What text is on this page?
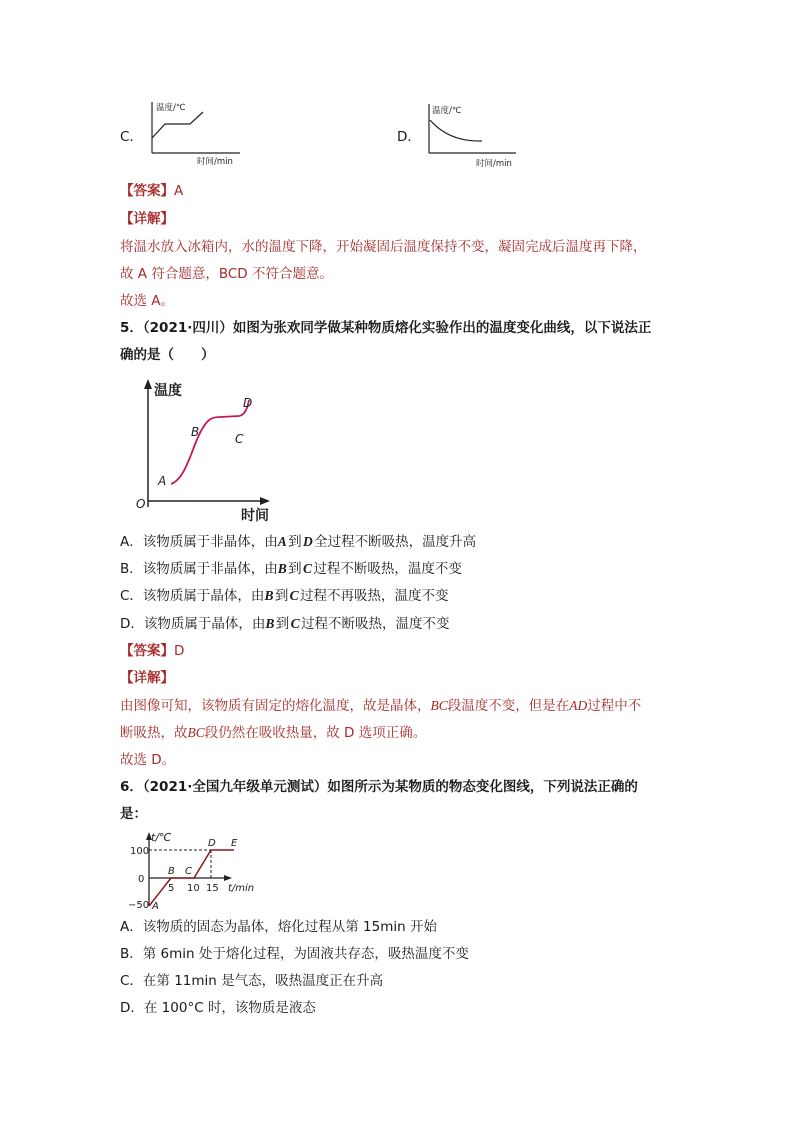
C．
温度/℃
时间/min
D．
温度/℃
时间/min
【答案】A
【详解】
将温水放入冰箱内，水的温度下降，开始凝固后温度保持不变，凝固完成后温度再下降，
故 A 符合题意，BCD 不符合题意。
故选 A。
5．（2021·四川）如图为张欢同学做某种物质熔化实验作出的温度变化曲线，以下说法正
确的是（　　）
温度
时间
O
A
B	C
D
A．该物质属于非晶体，由A 到 D 全过程不断吸热，温度升高
B．该物质属于非晶体，由B 到 C 过程不断吸热，温度不变
C．该物质属于晶体，由B 到 C 过程不再吸热，温度不变
D．该物质属于晶体，由B 到 C 过程不断吸热，温度不变
【答案】D
【详解】
由图像可知，该物质有固定的熔化温度，故是晶体，BC段温度不变，但是在AD过程中不
断吸热，故BC段仍然在吸收热量，故 D 选项正确。
故选 D。
6．（2021·全国九年级单元测试）如图所示为某物质的物态变化图线，下列说法正确的
是：
t/℃
100
0
−50
5 10 15 t/min
A
B C
D E
A．该物质的固态为晶体，熔化过程从第 15min 开始
B．第 6min 处于熔化过程，为固液共存态，吸热温度不变
C．在第 11min 是气态，吸热温度正在升高
D．在 100°C 时，该物质是液态
